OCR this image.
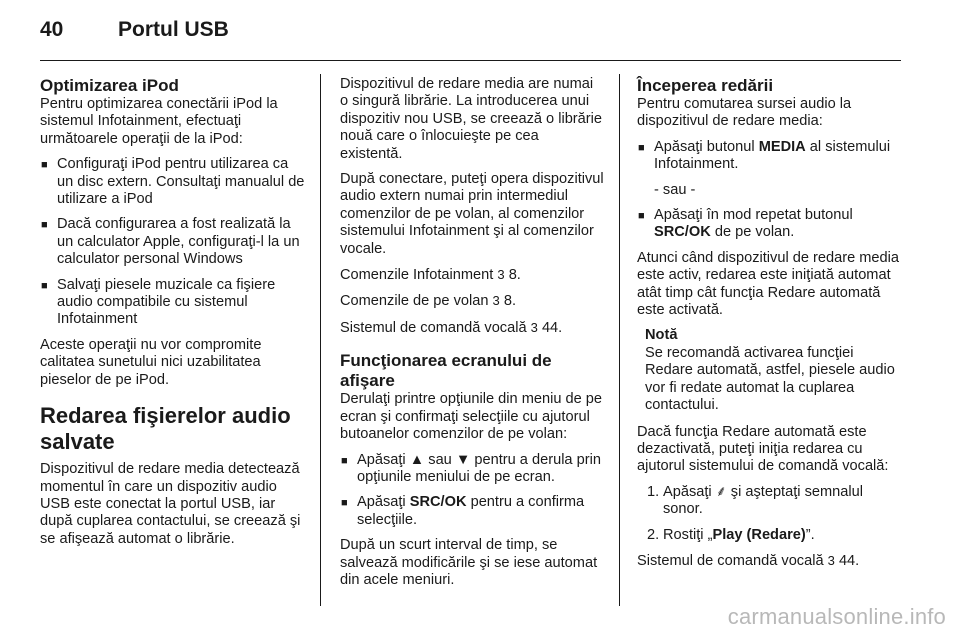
40	Portul USB
Optimizarea iPod

Pentru optimizarea conectării iPod la sistemul Infotainment, efectuaţi următoarele operaţii de la iPod:

■ Configuraţi iPod pentru utilizarea ca un disc extern. Consultaţi manualul de utilizare a iPod
■ Dacă configurarea a fost realizată la un calculator Apple, configuraţi-l la un calculator personal Windows
■ Salvaţi piesele muzicale ca fişiere audio compatibile cu sistemul Infotainment

Aceste operaţii nu vor compromite calitatea sunetului nici uzabilitatea pieselor de pe iPod.

Redarea fişierelor audio salvate

Dispozitivul de redare media detectează momentul în care un dispozitiv audio USB este conectat la portul USB, iar după cuplarea contactului, se creează şi se afişează automat o librărie.

Dispozitivul de redare media are numai o singură librărie. La introducerea unui dispozitiv nou USB, se creează o librărie nouă care o înlocuieşte pe cea existentă.

După conectare, puteţi opera dispozitivul audio extern numai prin intermediul comenzilor de pe volan, al comenzilor sistemului Infotainment şi al comenzilor vocale.

Comenzile Infotainment 3 8.

Comenzile de pe volan 3 8.

Sistemul de comandă vocală 3 44.

Funcţionarea ecranului de afişare

Derulaţi printre opţiunile din meniu de pe ecran şi confirmaţi selecţiile cu ajutorul butoanelor comenzilor de pe volan:

■ Apăsaţi ▲ sau ▼ pentru a derula prin opţiunile meniului de pe ecran.
■ Apăsaţi SRC/OK pentru a confirma selecţiile.

După un scurt interval de timp, se salvează modificările şi se iese automat din acele meniuri.

Începerea redării

Pentru comutarea sursei audio la dispozitivul de redare media:

■ Apăsaţi butonul MEDIA al sistemului Infotainment.
- sau -
■ Apăsaţi în mod repetat butonul SRC/OK de pe volan.

Atunci când dispozitivul de redare media este activ, redarea este iniţiată automat atât timp cât funcţia Redare automată este activată.

Notă
Se recomandă activarea funcţiei Redare automată, astfel, piesele audio vor fi redate automat la cuplarea contactului.

Dacă funcţia Redare automată este dezactivată, puteţi iniţia redarea cu ajutorul sistemului de comandă vocală:

1. Apăsaţi ⸙ şi aşteptaţi semnalul sonor.
2. Rostiţi „Play (Redare)”.

Sistemul de comandă vocală 3 44.

carmanualsonline.info
